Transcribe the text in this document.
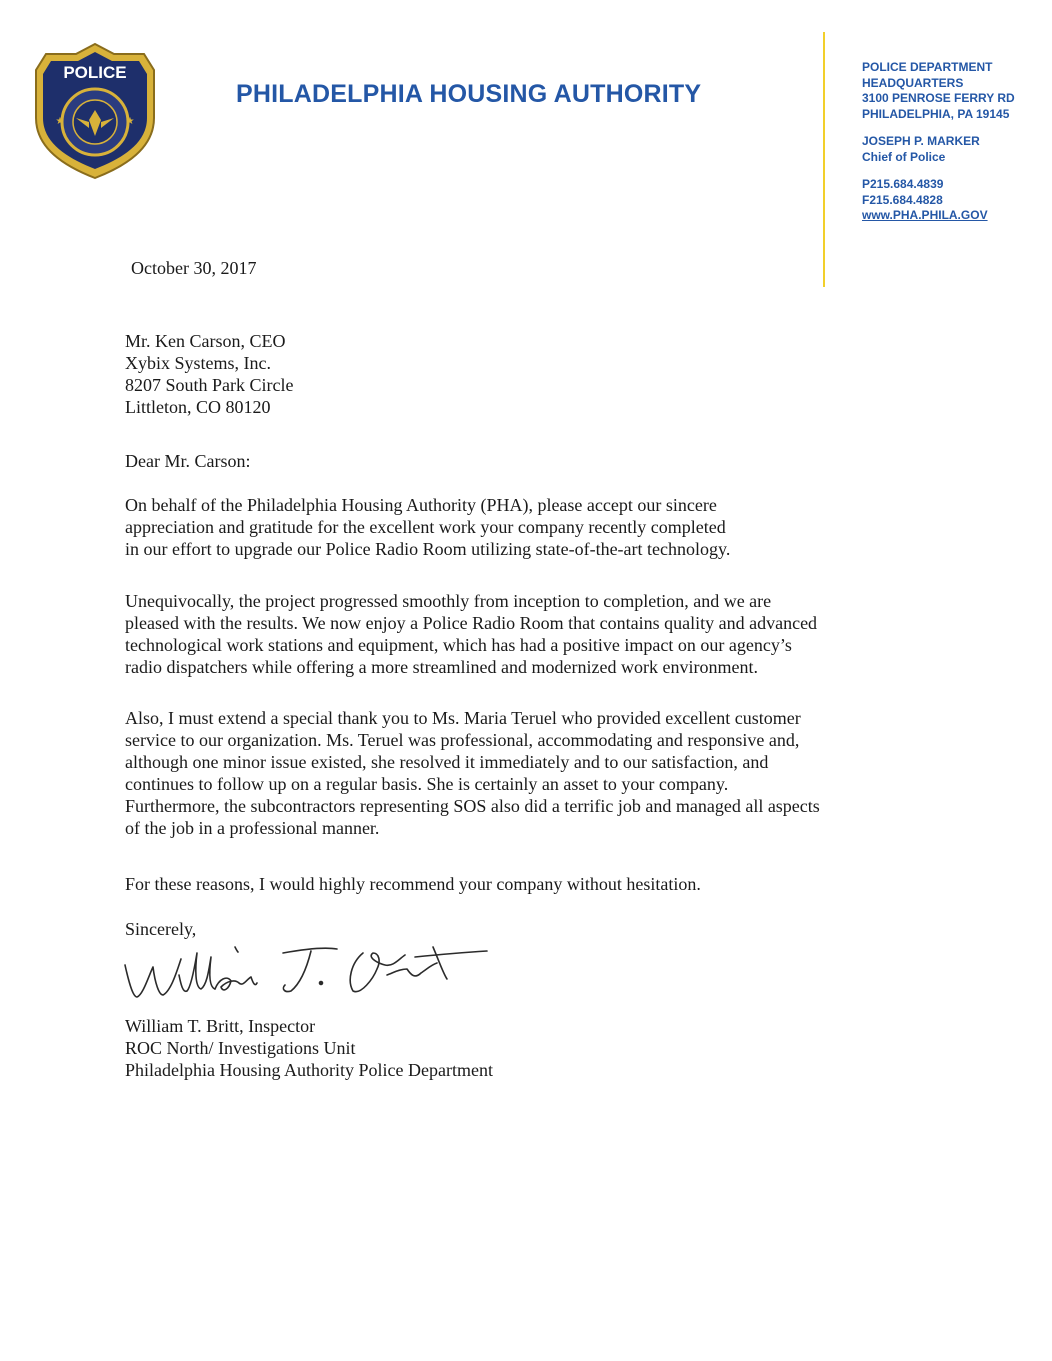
POLICE
★	★
PHILADELPHIA HOUSING AUTHORITY
POLICE DEPARTMENT
HEADQUARTERS
3100 PENROSE FERRY RD
PHILADELPHIA, PA 19145
JOSEPH P. MARKER
Chief of Police
P215.684.4839
F215.684.4828
www.PHA.PHILA.GOV
October 30, 2017
Mr. Ken Carson, CEO
Xybix Systems, Inc.
8207 South Park Circle
Littleton, CO 80120
Dear Mr. Carson:
On behalf of the Philadelphia Housing Authority (PHA), please accept our sincere
appreciation and gratitude for the excellent work your company recently completed
in our effort to upgrade our Police Radio Room utilizing state-of-the-art technology.
Unequivocally, the project progressed smoothly from inception to completion, and we are
pleased with the results. We now enjoy a Police Radio Room that contains quality and advanced
technological work stations and equipment, which has had a positive impact on our agency’s
radio dispatchers while offering a more streamlined and modernized work environment.
Also, I must extend a special thank you to Ms. Maria Teruel who provided excellent customer
service to our organization. Ms. Teruel was professional, accommodating and responsive and,
although one minor issue existed, she resolved it immediately and to our satisfaction, and
continues to follow up on a regular basis. She is certainly an asset to your company.
Furthermore, the subcontractors representing SOS also did a terrific job and managed all aspects
of the job in a professional manner.
For these reasons, I would highly recommend your company without hesitation.
Sincerely,
William T. Britt, Inspector
ROC North/ Investigations Unit
Philadelphia Housing Authority Police Department
